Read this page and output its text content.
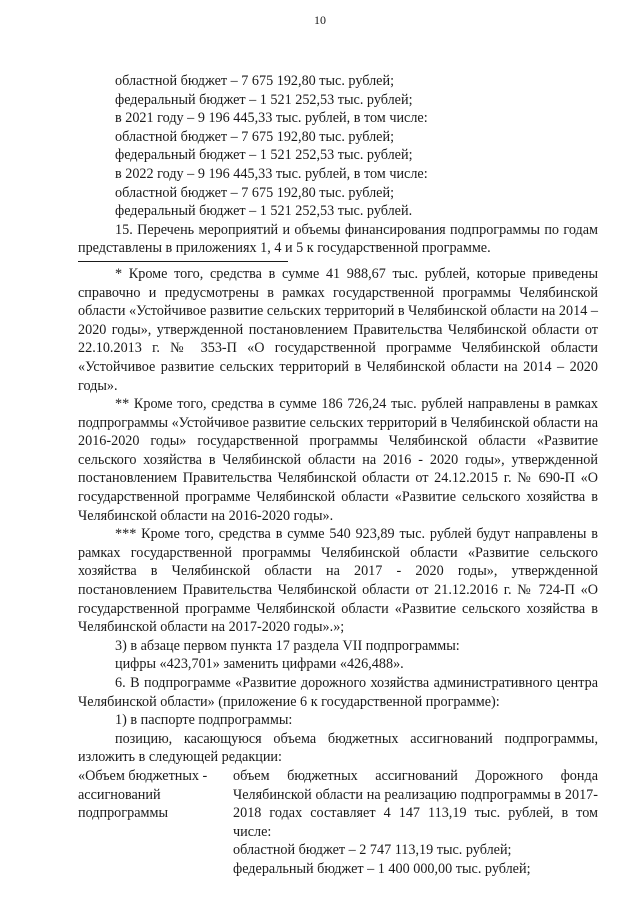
10

областной бюджет – 7 675 192,80 тыс. рублей;

федеральный бюджет – 1 521 252,53 тыс. рублей;

в 2021 году – 9 196 445,33 тыс. рублей, в том числе:

областной бюджет – 7 675 192,80 тыс. рублей;

федеральный бюджет – 1 521 252,53 тыс. рублей;

в 2022 году – 9 196 445,33 тыс. рублей, в том числе:

областной бюджет – 7 675 192,80 тыс. рублей;

федеральный бюджет – 1 521 252,53 тыс. рублей.

15. Перечень мероприятий и объемы финансирования подпрограммы по годам представлены в приложениях 1, 4 и 5 к государственной программе.

* Кроме того, средства в сумме 41 988,67 тыс. рублей, которые приведены справочно и предусмотрены в рамках государственной программы Челябинской области «Устойчивое развитие сельских территорий в Челябинской области на 2014 – 2020 годы», утвержденной постановлением Правительства Челябинской области от 22.10.2013 г. № 353-П «О государственной программе Челябинской области «Устойчивое развитие сельских территорий в Челябинской области на 2014 – 2020 годы».

** Кроме того, средства в сумме 186 726,24 тыс. рублей направлены в рамках подпрограммы «Устойчивое развитие сельских территорий в Челябинской области на 2016-2020 годы» государственной программы Челябинской области «Развитие сельского хозяйства в Челябинской области на 2016 - 2020 годы», утвержденной постановлением Правительства Челябинской области от 24.12.2015 г. № 690-П «О государственной программе Челябинской области «Развитие сельского хозяйства в Челябинской области на 2016-2020 годы».

*** Кроме того, средства в сумме 540 923,89 тыс. рублей будут направлены в рамках государственной программы Челябинской области «Развитие сельского хозяйства в Челябинской области на 2017 - 2020 годы», утвержденной постановлением Правительства Челябинской области от 21.12.2016 г. № 724-П «О государственной программе Челябинской области «Развитие сельского хозяйства в Челябинской области на 2017-2020 годы».»;

3) в абзаце первом пункта 17 раздела VII подпрограммы:

цифры «423,701» заменить цифрами «426,488».

6. В подпрограмме «Развитие дорожного хозяйства административного центра Челябинской области» (приложение 6 к государственной программе):

1) в паспорте подпрограммы:

позицию, касающуюся объема бюджетных ассигнований подпрограммы, изложить в следующей редакции:

«Объем бюджетных - ассигнований подпрограммы

объем бюджетных ассигнований Дорожного фонда Челябинской области на реализацию подпрограммы в 2017-2018 годах составляет 4 147 113,19 тыс. рублей, в том числе:

областной бюджет – 2 747 113,19 тыс. рублей;

федеральный бюджет – 1 400 000,00 тыс. рублей;
